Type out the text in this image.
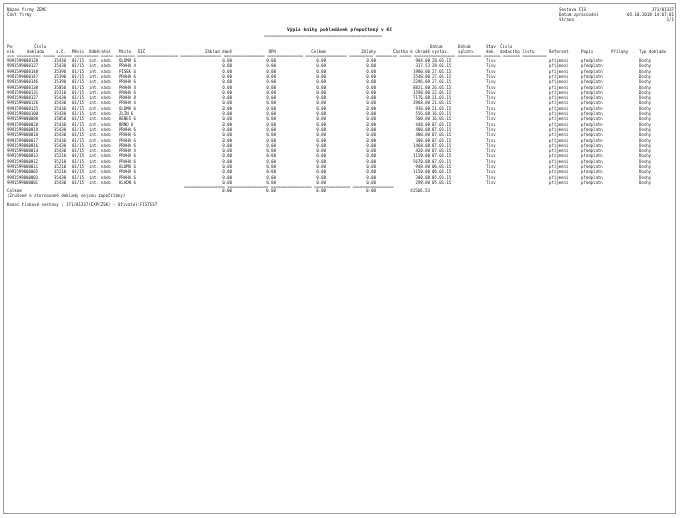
Název firmy ZEMC
Část firmy
Sestava FIS	371/01337
Datum zpracování	05.10.2018 14:07:01
Strana	1/1
Výpis knihy pohledávek přepočtený v Kč
=================================================
Číslo	Datum	Datum	Stav Číslo
Po-
ník	dokladu	s.č. Měsíc Odběratel Místo DIČ	Základ daně	DPH	Celkem	Zálohy	Částka k úhradě vystav. splatn.	dok. dodacího listu	Referent	Popis	Přílohy	Typ dokladu
=== ========== ===== ====== ========== ===== ======== ================= ================= ================= =============== ================= ========== ========= ===== ================= ========== ======= ======= ==========
999 1599000128	35430 01/15 int. násb OLOMO 6	0.00	0.00	0.00	0.00	984.00 28.01.15	Tisv	příjmení	předplatn	Doshy
999 1599000127	35430 01/15 int. násb PRAHA 4	0.00	0.00	0.00	0.00	317.53 28.01.15	Tisv	příjmení	předplatn	Doshy
999 1599000148	35390 01/15 int. násb PÍSEK 6	0.00	0.00	0.00	0.00	1980.00 27.01.15	Tisv	příjmení	předplatn	Doshy
999 1599000147	35390 01/15 int. násb PRAHA 6	0.00	0.00	0.00	0.00	2548.00 27.01.15	Tisv	příjmení	předplatn	Doshy
999 1599000146	35390 01/15 int. násb PRAHA 6	0.00	0.00	0.00	0.00	2296.00 27.01.15	Tisv	příjmení	předplatn	Doshy
999 1599000130	35050 01/15 int. násb PRAHA 4	0.00	0.00	0.00	0.00	8821.00 26.01.15	Tisv	příjmení	předplatn	Doshy
999 1599000131	35210 01/15 int. násb PRAHA 6	0.00	0.00	0.00	0.00	1598.00 22.01.15	Tisv	příjmení	předplatn	Doshy
999 1599000127	35430 01/15 int. násb PRAHA 8	0.00	0.00	0.00	0.00	7176.00 21.01.15	Tisv	příjmení	předplatn	Doshy
999 1599000126	35430 01/15 int. násb PRAHA 4	0.00	0.00	0.00	0.00	2968.00 21.01.15	Tisv	příjmení	předplatn	Doshy
999 1599000125	35430 01/15 int. násb OLOMO 6	0.00	0.00	0.00	0.00	936.00 21.01.15	Tisv	příjmení	předplatn	Doshy
999 1599000100	35430 01/15 int. násb ZLÍN 6	0.00	0.00	0.00	0.00	556.00 16.01.15	Tisv	příjmení	předplatn	Doshy
999 1599000088	35050 01/15 int. násb BENEŠ 6	0.00	0.00	0.00	0.00	500.00 16.01.15	Tisv	příjmení	předplatn	Doshy
999 1599000020	35430 01/15 int. násb BRNO 6	0.00	0.00	0.00	0.00	448.00 07.01.15	Tisv	příjmení	předplatn	Doshy
999 1599000019	35430 01/15 int. násb PRAHA 6	0.00	0.00	0.00	0.00	400.00 07.01.15	Tisv	příjmení	předplatn	Doshy
999 1599000018	35430 01/15 int. násb PRAHA 6	0.00	0.00	0.00	0.00	400.00 07.01.15	Tisv	příjmení	předplatn	Doshy
999 1599000017	35430 01/15 int. násb PRAHA 6	0.00	0.00	0.00	0.00	300.00 07.01.15	Tisv	příjmení	předplatn	Doshy
999 1599000016	35430 01/15 int. násb PRAHA 6	0.00	0.00	0.00	0.00	1468.00 07.01.15	Tisv	příjmení	předplatn	Doshy
999 1599000014	35430 01/15 int. násb PRAHA 4	0.00	0.00	0.00	0.00	420.00 07.01.15	Tisv	příjmení	předplatn	Doshy
999 1599000013	35210 01/15 int. násb PRAHA 6	0.00	0.00	0.00	0.00	1150.00 07.01.15	Tisv	příjmení	předplatn	Doshy
999 1599000012	35210 01/15 int. násb PRAHA 6	0.00	0.00	0.00	0.00	5670.00 07.01.15	Tisv	příjmení	předplatn	Doshy
999 1599000011	35210 01/15 int. násb OLOMO 6	0.00	0.00	0.00	0.00	948.00 06.01.15	Tisv	příjmení	předplatn	Doshy
999 1599000005	35210 01/15 int. násb PRAHA 6	0.00	0.00	0.00	0.00	1150.00 06.01.15	Tisv	příjmení	předplatn	Doshy
999 1599000003	35430 01/15 int. násb PRAHA 6	0.00	0.00	0.00	0.00	300.00 05.01.15	Tisv	příjmení	předplatn	Doshy
999 1599000001	35430 01/15 int. násb KLADN 6	0.00	0.00	0.00	0.00	298.00 05.01.15	Tisv	příjmení	předplatn	Doshy
================= ================= ================= =============== =================
Celkem	0.00	0.00	0.00	0.00	41566.53
(Zrušené a stornované doklady nejsou započítány)
Konec tiskové sestavy : 371/01337(EXPCZSK) - Uživatel:FISTEST
